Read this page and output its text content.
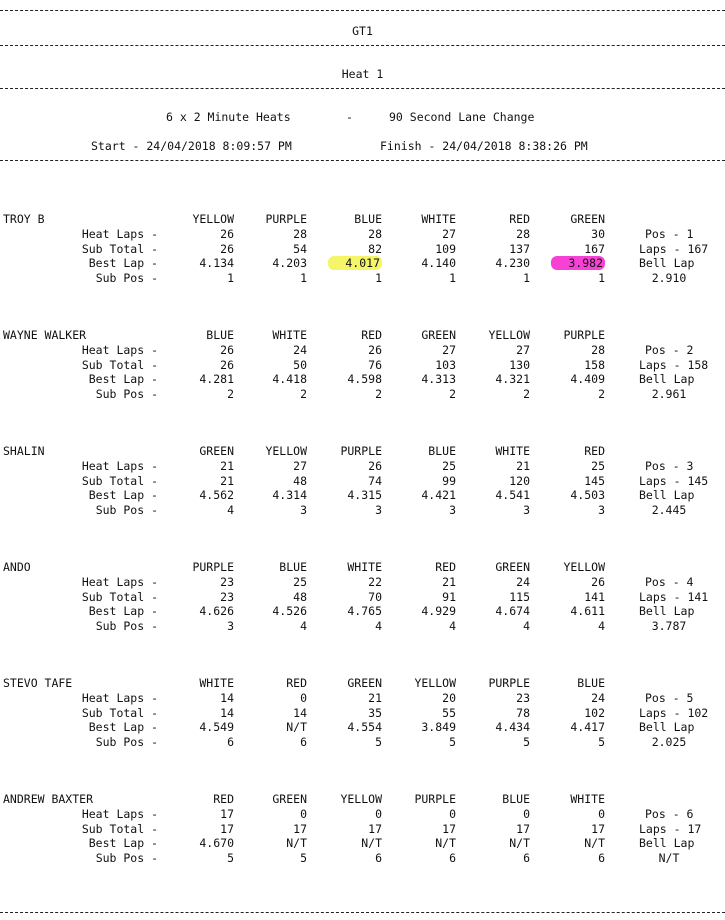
GT1
Heat 1
6 x 2 Minute Heats	-	90 Second Lane Change
Start - 24/04/2018 8:09:57 PM	Finish - 24/04/2018 8:38:26 PM
TROY B	YELLOW	PURPLE	BLUE	WHITE	RED	GREEN
Heat Laps -	26	28	28	27	28	30
Sub Total -	26	54	82	109	137	167
Best Lap -	4.134	4.203	4.017	4.140	4.230	3.982
Sub Pos -	1	1	1	1	1	1
Pos - 1
Laps - 167
Bell Lap
2.910
WAYNE WALKER	BLUE	WHITE	RED	GREEN	YELLOW	PURPLE
Heat Laps -	26	24	26	27	27	28
Sub Total -	26	50	76	103	130	158
Best Lap -	4.281	4.418	4.598	4.313	4.321	4.409
Sub Pos -	2	2	2	2	2	2
Pos - 2
Laps - 158
Bell Lap
2.961
SHALIN	GREEN	YELLOW	PURPLE	BLUE	WHITE	RED
Heat Laps -	21	27	26	25	21	25
Sub Total -	21	48	74	99	120	145
Best Lap -	4.562	4.314	4.315	4.421	4.541	4.503
Sub Pos -	4	3	3	3	3	3
Pos - 3
Laps - 145
Bell Lap
2.445
ANDO	PURPLE	BLUE	WHITE	RED	GREEN	YELLOW
Heat Laps -	23	25	22	21	24	26
Sub Total -	23	48	70	91	115	141
Best Lap -	4.626	4.526	4.765	4.929	4.674	4.611
Sub Pos -	3	4	4	4	4	4
Pos - 4
Laps - 141
Bell Lap
3.787
STEVO TAFE	WHITE	RED	GREEN	YELLOW	PURPLE	BLUE
Heat Laps -	14	0	21	20	23	24
Sub Total -	14	14	35	55	78	102
Best Lap -	4.549	N/T	4.554	3.849	4.434	4.417
Sub Pos -	6	6	5	5	5	5
Pos - 5
Laps - 102
Bell Lap
2.025
ANDREW BAXTER	RED	GREEN	YELLOW	PURPLE	BLUE	WHITE
Heat Laps -	17	0	0	0	0	0
Sub Total -	17	17	17	17	17	17
Best Lap -	4.670	N/T	N/T	N/T	N/T	N/T
Sub Pos -	5	5	6	6	6	6
Pos - 6
Laps - 17
Bell Lap
N/T
